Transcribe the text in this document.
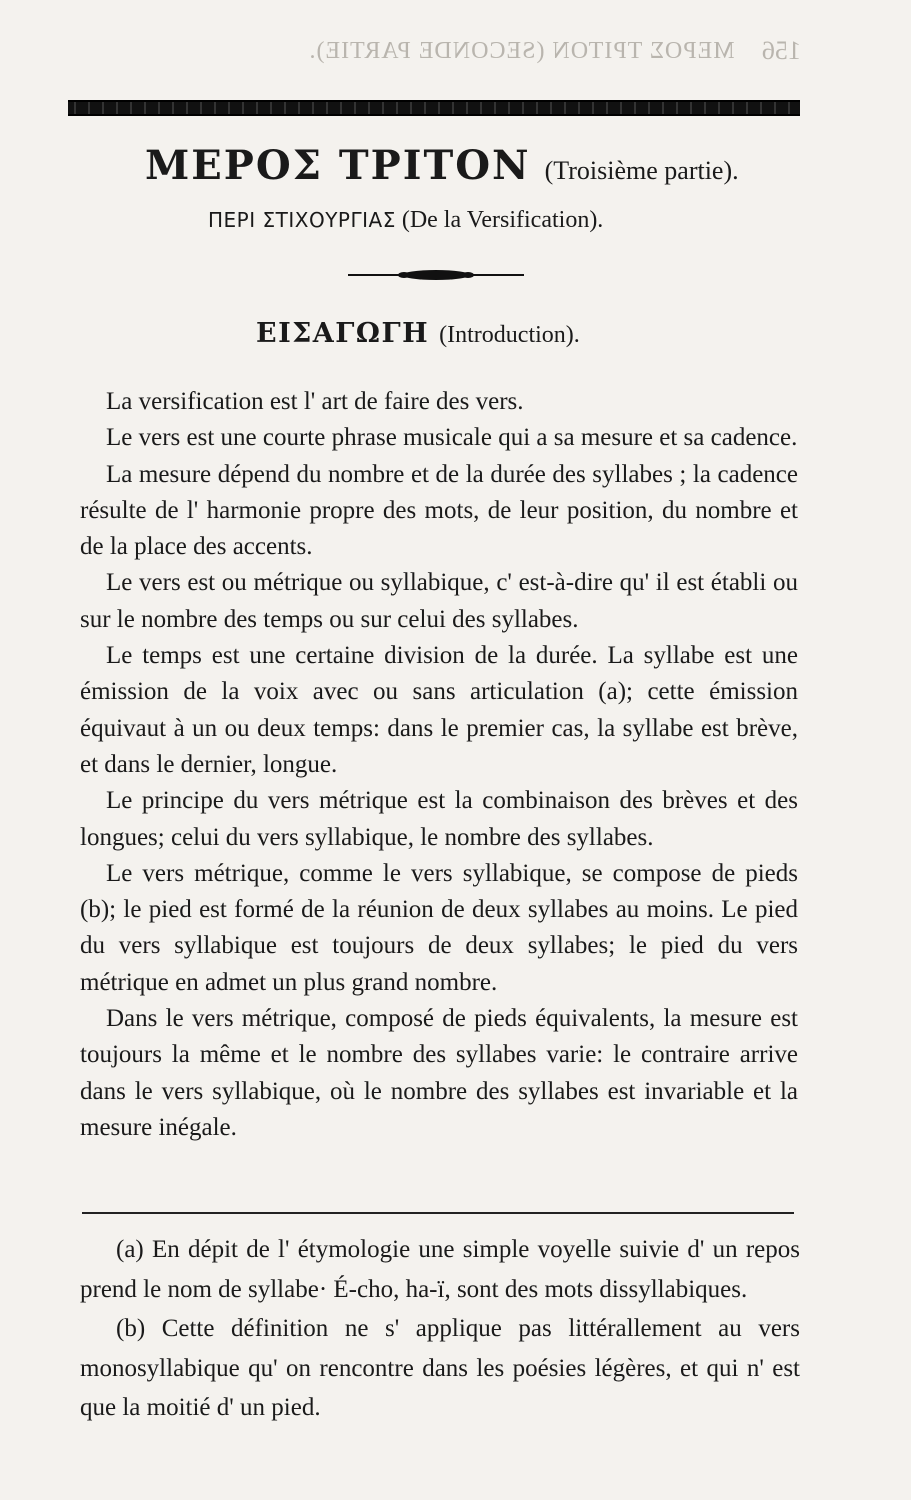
ΜΕΡΟΣ ΤΡΙΤΟΝ (SECONDE PARTIE).	156
ΜΕΡΟΣ ΤΡΙΤΟΝ (Troisième partie).
ΠΕΡΙ ΣΤΙΧΟΥΡΓΙΑΣ (De la Versification).
ΕΙΣΑΓΩΓΗ (Introduction).

La versification est l' art de faire des vers.

Le vers est une courte phrase musicale qui a sa mesure et sa cadence.

La mesure dépend du nombre et de la durée des syllabes ; la cadence résulte de l' harmonie propre des mots, de leur position, du nombre et de la place des accents.

Le vers est ou métrique ou syllabique, c' est-à-dire qu' il est établi ou sur le nombre des temps ou sur celui des syllabes.

Le temps est une certaine division de la durée. La syllabe est une émission de la voix avec ou sans articulation (a); cette émission équivaut à un ou deux temps: dans le premier cas, la syllabe est brève, et dans le dernier, longue.

Le principe du vers métrique est la combinaison des brèves et des longues; celui du vers syllabique, le nombre des syllabes.

Le vers métrique, comme le vers syllabique, se compose de pieds (b); le pied est formé de la réunion de deux syllabes au moins. Le pied du vers syllabique est toujours de deux syllabes; le pied du vers métrique en admet un plus grand nombre.

Dans le vers métrique, composé de pieds équivalents, la mesure est toujours la même et le nombre des syllabes varie: le contraire arrive dans le vers syllabique, où le nombre des syllabes est invariable et la mesure inégale.

(a) En dépit de l' étymologie une simple voyelle suivie d' un repos prend le nom de syllabe· É-cho, ha-ï, sont des mots dissyllabiques.

(b) Cette définition ne s' applique pas littérallement au vers monosyllabique qu' on rencontre dans les poésies légères, et qui n' est que la moitié d' un pied.
